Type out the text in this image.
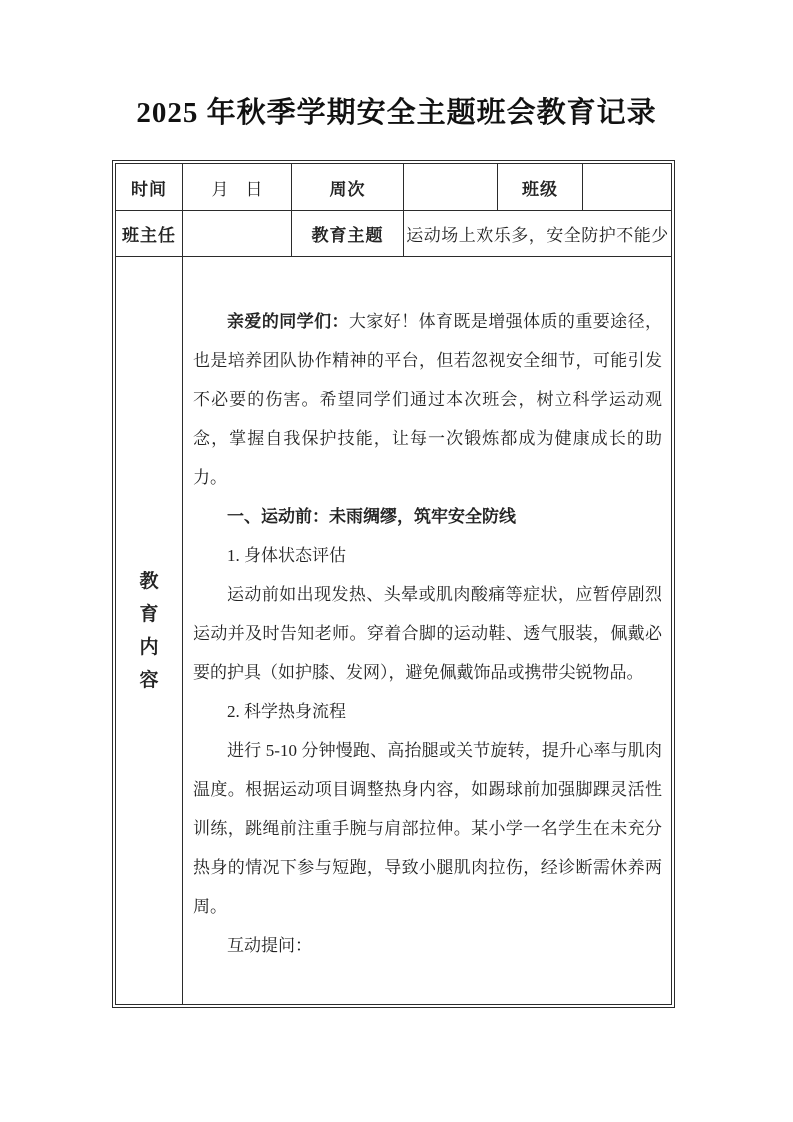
2025 年秋季学期安全主题班会教育记录
时间	月　日	周次		班级	
班主任		教育主题	运动场上欢乐多，安全防护不能少		

教育内容

亲爱的同学们：大家好！体育既是增强体质的重要途径，也是培养团队协作精神的平台，但若忽视安全细节，可能引发不必要的伤害。希望同学们通过本次班会，树立科学运动观念，掌握自我保护技能，让每一次锻炼都成为健康成长的助力。

一、运动前：未雨绸缪，筑牢安全防线

1. 身体状态评估

运动前如出现发热、头晕或肌肉酸痛等症状，应暂停剧烈运动并及时告知老师。穿着合脚的运动鞋、透气服装，佩戴必要的护具（如护膝、发网），避免佩戴饰品或携带尖锐物品。

2. 科学热身流程

进行 5-10 分钟慢跑、高抬腿或关节旋转，提升心率与肌肉温度。根据运动项目调整热身内容，如踢球前加强脚踝灵活性训练，跳绳前注重手腕与肩部拉伸。某小学一名学生在未充分热身的情况下参与短跑，导致小腿肌肉拉伤，经诊断需休养两周。

互动提问：
